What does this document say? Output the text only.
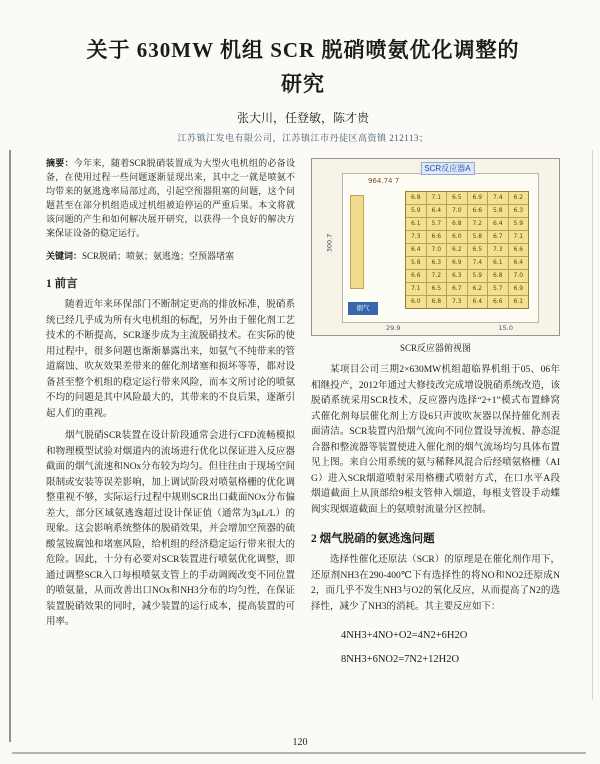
关于 630MW 机组 SCR 脱硝喷氨优化调整的
研究
张大川，任登敏，陈才贵
江苏镇江发电有限公司，江苏镇江市丹徒区高资镇 212113；

摘要：今年来，随着SCR脱硝装置成为大型火电机组的必备设备，在使用过程一些问题逐渐显现出来，其中之一就是喷氨不均带来的氨逃逸率局部过高，引起空预器阻塞的问题，这个问题甚至在部分机组造成过机组被迫停运的严重后果。本文将就该问题的产生和如何解决展开研究，以获得一个良好的解决方案保证设备的稳定运行。

关键词：SCR脱硝；喷氨；氨逃逸；空预器堵塞

1 前言

随着近年来环保部门不断制定更高的排放标准，脱硝系统已经几乎成为所有火电机组的标配，另外由于催化剂工艺技术的不断提高，SCR逐步成为主流脱硝技术。在实际的使用过程中，很多问题也渐渐暴露出来，如氨气不纯带来的管道腐蚀、吹灰效果差带来的催化剂堵塞和损坏等等，都对设备甚至整个机组的稳定运行带来风险，而本文所讨论的喷氨不均的问题是其中风险最大的，其带来的不良后果，逐渐引起人们的重视。

烟气脱硝SCR装置在设计阶段通常会进行CFD流畅模拟和物理模型试验对烟道内的流场进行优化以保证进入反应器截面的烟气流速和NOx分布较为均匀。但往往由于现场空间限制或安装等误差影响，加上调试阶段对喷氨格栅的优化调整重视不够，实际运行过程中规则SCR出口截面NOx分布偏差大，部分区域氨逃逸超过设计保证值（通常为3μL/L）的现象。这会影响系统整体的脱硝效果，并会增加空预器的硫酸氢铵腐蚀和堵塞风险，给机组的经济稳定运行带来很大的危险。因此，十分有必要对SCR装置进行喷氨优化调整，即通过调整SCR入口每根喷氨支管上的手动调阀改变不同位置的喷氨量，从而改善出口NOx和NH3分布的均匀性，在保证装置脱硝效果的同时，减少装置的运行成本，提高装置的可用率。

SCR反应器A
964.74 7
300.7
6.8	7.1	6.5	6.9	7.4	6.2
5.9	6.4	7.0	6.6	5.8	6.3
6.1	5.7	6.8	7.2	6.4	5.9
7.3	6.6	6.0	5.8	6.7	7.1
6.4	7.0	6.2	6.5	7.3	6.6
5.8	6.3	6.9	7.4	6.1	6.4
6.6	7.2	6.3	5.9	6.8	7.0
7.1	6.5	6.7	6.2	5.7	6.9
6.0	6.8	7.3	6.4	6.6	6.1
烟气
29.9	15.0
SCR反应器俯视图

某项目公司三期2×630MW机组超临界机组于05、06年相继投产，2012年通过大修技改完成增设脱硝系统改造，该脱硝系统采用SCR技术，反应器内选择“2+1”模式布置蜂窝式催化剂每层催化剂上方设6只声波吹灰器以保持催化剂表面清洁。SCR装置内沿烟气流向不同位置设导流板、静态混合器和整流器等装置使进入催化剂的烟气流场均匀具体布置见上图。来自公用系统的氨与稀释风混合后经喷氨格栅（AIG）进入SCR烟道喷射采用格栅式喷射方式，在口水平A段烟道截面上从顶部给9根支管伸入烟道，每根支管设手动蝶阀实现烟道截面上的氨喷射流量分区控制。

2 烟气脱硝的氨逃逸问题

选择性催化还原法（SCR）的原理是在催化剂作用下，还原剂NH3在290-400℃下有选择性的将NO和NO2还原成N2，而几乎不发生NH3与O2的氧化反应，从而提高了N2的选择性，减少了NH3的消耗。其主要反应如下：

4NH3+4NO+O2=4N2+6H2O
8NH3+6NO2=7N2+12H2O
120
